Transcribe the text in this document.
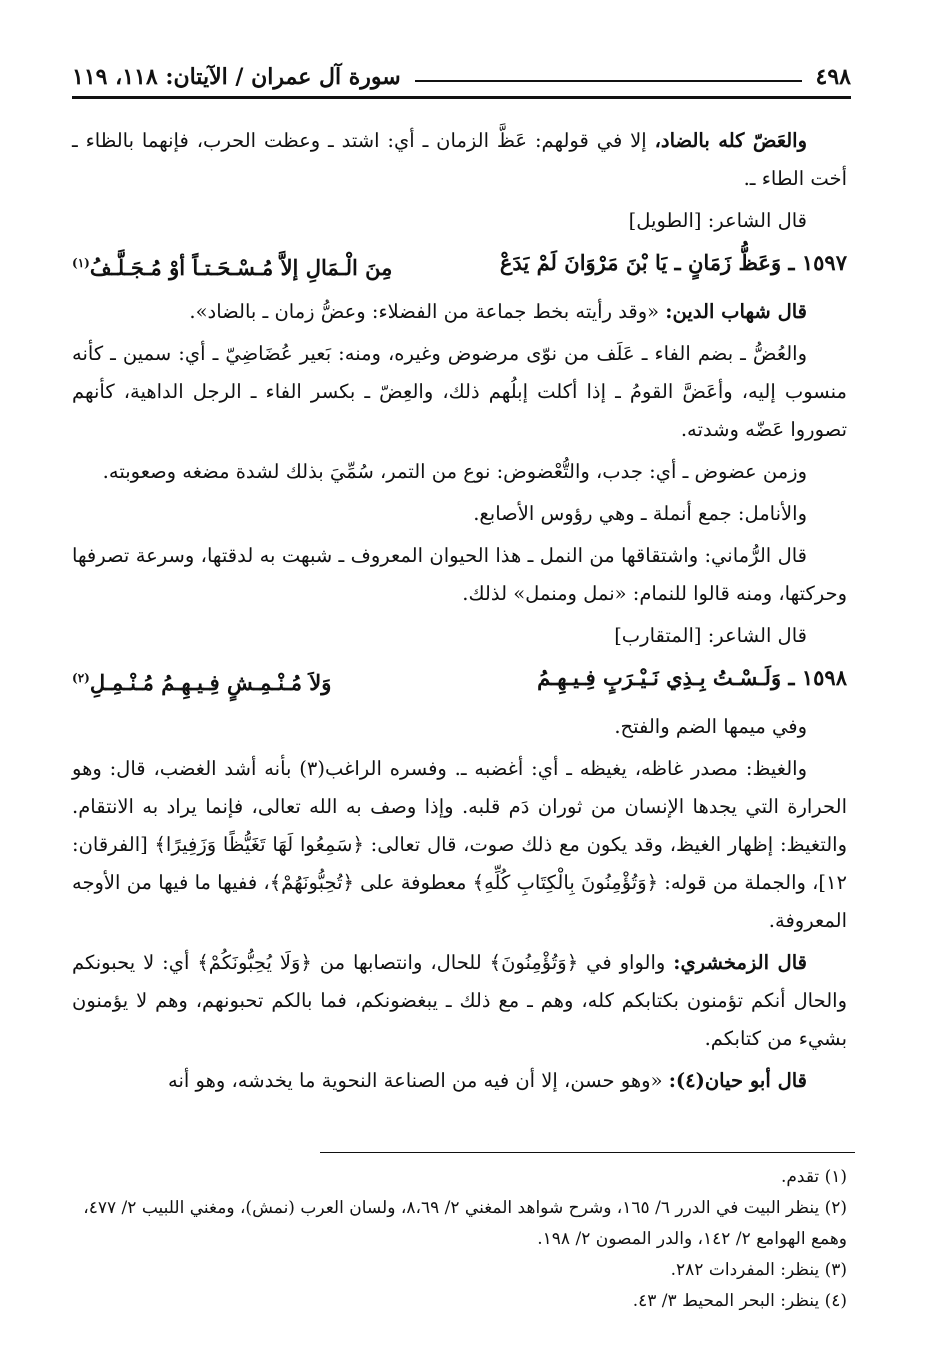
٤٩٨
سورة آل عمران / الآيتان: ١١٨، ١١٩

والعَضّ كله بالضاد، إلا في قولهم: عَظَّ الزمان ـ أي: اشتد ـ وعظت الحرب، فإنهما بالظاء ـ أخت الطاء ـ.

قال الشاعر: [الطويل]

١٥٩٧ ـ وَعَظُّ زَمَانٍ ـ يَا بْنَ مَرْوَانَ لَمْ يَدَعْ
مِنَ الْـمَالِ إلاَّ مُـسْـحَـتـاً أوْ مُـجَـلَّـفُ$^{(١)}$

قال شهاب الدين: «وقد رأيته بخط جماعة من الفضلاء: وعضُّ زمان ـ بالضاد».

والعُضُّ ـ بضم الفاء ـ عَلَف من نوّى مرضوض وغيره، ومنه: بَعير عُضَاضِيّ ـ أي: سمين ـ كأنه منسوب إليه، وأعَضَّ القومُ ـ إذا أكلت إبلُهم ذلك، والعِضّ ـ بكسر الفاء ـ الرجل الداهية، كأنهم تصوروا عَضّه وشدته.

وزمن عضوض ـ أي: جدب، والتُّعْضوض: نوع من التمر، سُمِّيَ بذلك لشدة مضغه وصعوبته.

والأنامل: جمع أنملة ـ وهي رؤوس الأصابع.

قال الرُّماني: واشتقاقها من النمل ـ هذا الحيوان المعروف ـ شبهت به لدقتها، وسرعة تصرفها وحركتها، ومنه قالوا للنمام: «نمل ومنمل» لذلك.

قال الشاعر: [المتقارب]

١٥٩٨ ـ وَلَـسْـتُ بِـذِي نَـيْـرَبٍ فِـيـهِـمُ
وَلاَ مُـنْـمِـشٍ فِـيـهِـمُ مُـنْـمِـلِ$^{(٢)}$

وفي ميمها الضم والفتح.

والغيظ: مصدر غاظه، يغيظه ـ أي: أغضبه ـ. وفسره الراغب(٣) بأنه أشد الغضب، قال: وهو الحرارة التي يجدها الإنسان من ثوران دَم قلبه. وإذا وصف به الله تعالى، فإنما يراد به الانتقام. والتغيظ: إظهار الغيظ، وقد يكون مع ذلك صوت، قال تعالى: ﴿سَمِعُوا لَهَا تَغَيُّظًا وَزَفِيرًا﴾ [الفرقان: ١٢]، والجملة من قوله: ﴿وَتُؤْمِنُونَ بِالْكِتَابِ كُلِّهِ﴾ معطوفة على ﴿تُحِبُّونَهُمْ﴾، ففيها ما فيها من الأوجه المعروفة.

قال الزمخشري: والواو في ﴿وَتُؤْمِنُونَ﴾ للحال، وانتصابها من ﴿وَلَا يُحِبُّونَكُمْ﴾ أي: لا يحبونكم والحال أنكم تؤمنون بكتابكم كله، وهم ـ مع ذلك ـ يبغضونكم، فما بالكم تحبونهم، وهم لا يؤمنون بشيء من كتابكم.

قال أبو حيان(٤): «وهو حسن، إلا أن فيه من الصناعة النحوية ما يخدشه، وهو أنه

(١) تقدم.

(٢) ينظر البيت في الدرر ٦/ ١٦٥، وشرح شواهد المغني ٢/ ٨،٦٩، ولسان العرب (نمش)، ومغني اللبيب ٢/ ٤٧٧، وهمع الهوامع ٢/ ١٤٢، والدر المصون ٢/ ١٩٨.

(٣) ينظر: المفردات ٢٨٢.

(٤) ينظر: البحر المحيط ٣/ ٤٣.
